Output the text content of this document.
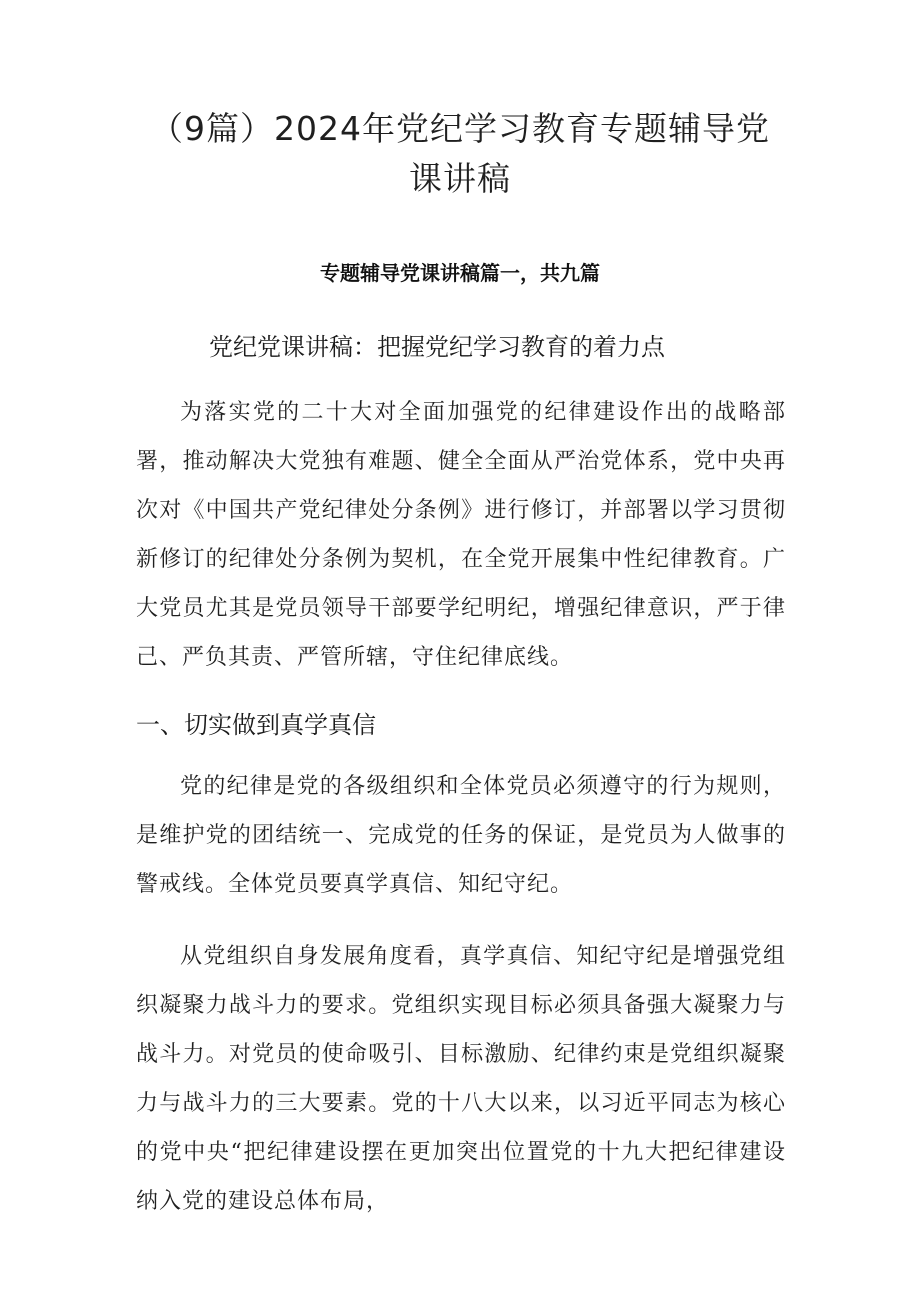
（9篇）2024年党纪学习教育专题辅导党
课讲稿
专题辅导党课讲稿篇一，共九篇
党纪党课讲稿：把握党纪学习教育的着力点

为落实党的二十大对全面加强党的纪律建设作出的战略部署，推动解决大党独有难题、健全全面从严治党体系，党中央再次对《中国共产党纪律处分条例》进行修订，并部署以学习贯彻新修订的纪律处分条例为契机，在全党开展集中性纪律教育。广大党员尤其是党员领导干部要学纪明纪，增强纪律意识，严于律己、严负其责、严管所辖，守住纪律底线。

一、切实做到真学真信

党的纪律是党的各级组织和全体党员必须遵守的行为规则，是维护党的团结统一、完成党的任务的保证，是党员为人做事的警戒线。全体党员要真学真信、知纪守纪。

从党组织自身发展角度看，真学真信、知纪守纪是增强党组织凝聚力战斗力的要求。党组织实现目标必须具备强大凝聚力与战斗力。对党员的使命吸引、目标激励、纪律约束是党组织凝聚力与战斗力的三大要素。党的十八大以来，以习近平同志为核心的党中央“把纪律建设摆在更加突出位置党的十九大把纪律建设纳入党的建设总体布局，
